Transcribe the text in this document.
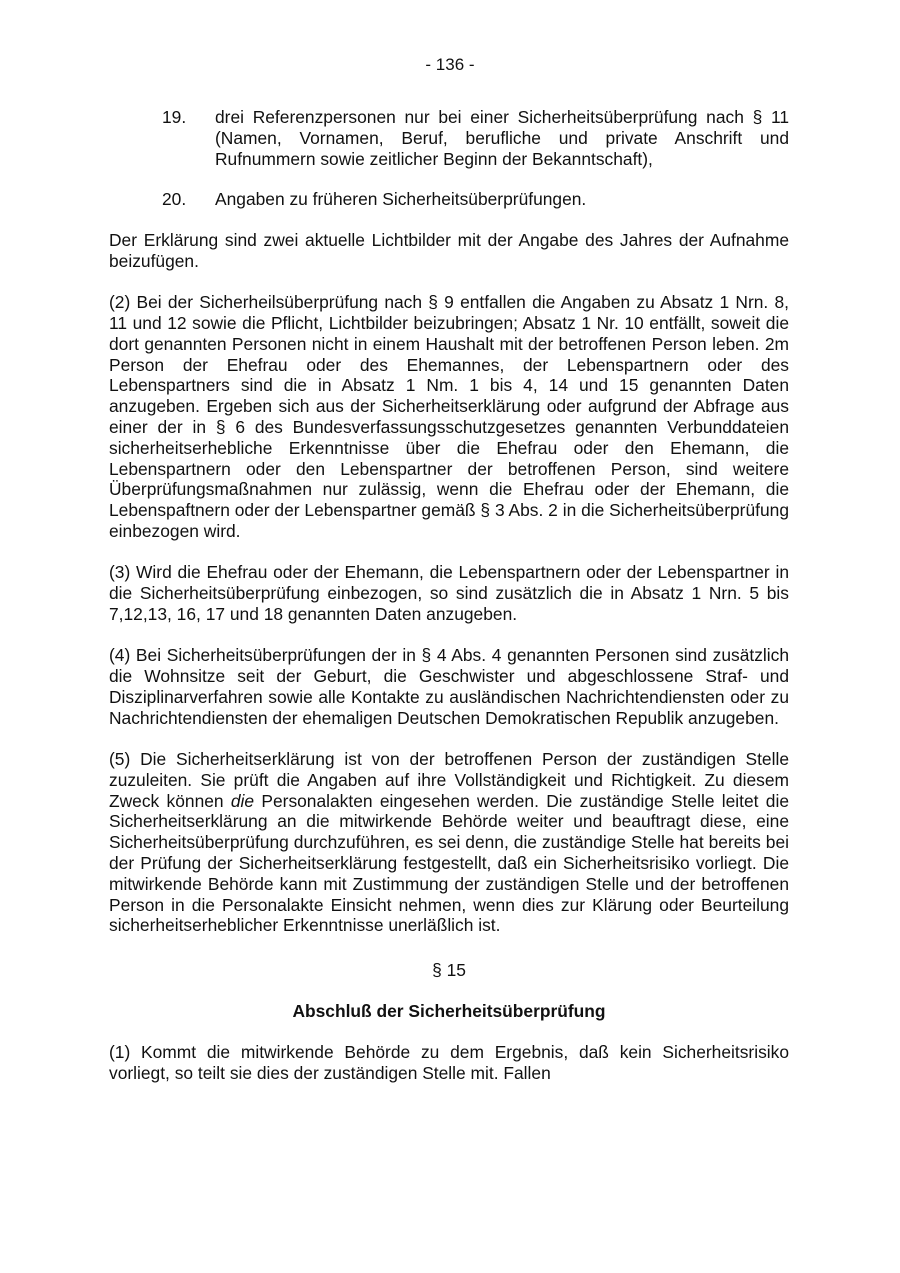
- 136 -
19.	drei Referenzpersonen nur bei einer Sicherheitsüberprüfung nach § 11 (Namen, Vornamen, Beruf, berufliche und private Anschrift und Rufnummern sowie zeitlicher Beginn der Bekanntschaft),
20.	Angaben zu früheren Sicherheitsüberprüfungen.

Der Erklärung sind zwei aktuelle Lichtbilder mit der Angabe des Jahres der Aufnahme beizufügen.

(2) Bei der Sicherheilsüberprüfung nach § 9 entfallen die Angaben zu Absatz 1 Nrn. 8, 11 und 12 sowie die Pflicht, Lichtbilder beizubringen; Absatz 1 Nr. 10 entfällt, soweit die dort genannten Personen nicht in einem Haushalt mit der betroffenen Person leben. 2m Person der Ehefrau oder des Ehemannes, der Lebenspartnern oder des Lebenspartners sind die in Absatz 1 Nm. 1 bis 4, 14 und 15 genannten Daten anzugeben. Ergeben sich aus der Sicherheitserklärung oder aufgrund der Abfrage aus einer der in § 6 des Bundesverfassungsschutzgesetzes genannten Verbunddateien sicherheitserhebliche Erkenntnisse über die Ehefrau oder den Ehemann, die Lebenspartnern oder den Lebenspartner der betroffenen Person, sind weitere Überprüfungsmaßnahmen nur zulässig, wenn die Ehefrau oder der Ehemann, die Lebenspaftnern oder der Lebenspartner gemäß § 3 Abs. 2 in die Sicherheitsüberprüfung einbezogen wird.

(3) Wird die Ehefrau oder der Ehemann, die Lebenspartnern oder der Lebenspartner in die Sicherheitsüberprüfung einbezogen, so sind zusätzlich die in Absatz 1 Nrn. 5 bis 7,12,13, 16, 17 und 18 genannten Daten anzugeben.

(4) Bei Sicherheitsüberprüfungen der in § 4 Abs. 4 genannten Personen sind zusätzlich die Wohnsitze seit der Geburt, die Geschwister und abgeschlossene Straf- und Disziplinarverfahren sowie alle Kontakte zu ausländischen Nachrichtendiensten oder zu Nachrichtendiensten der ehemaligen Deutschen Demokratischen Republik anzugeben.

(5) Die Sicherheitserklärung ist von der betroffenen Person der zuständigen Stelle zuzuleiten. Sie prüft die Angaben auf ihre Vollständigkeit und Richtigkeit. Zu diesem Zweck können die Personalakten eingesehen werden. Die zuständige Stelle leitet die Sicherheitserklärung an die mitwirkende Behörde weiter und beauftragt diese, eine Sicherheitsüberprüfung durchzuführen, es sei denn, die zuständige Stelle hat bereits bei der Prüfung der Sicherheitserklärung festgestellt, daß ein Sicherheitsrisiko vorliegt. Die mitwirkende Behörde kann mit Zustimmung der zuständigen Stelle und der betroffenen Person in die Personalakte Einsicht nehmen, wenn dies zur Klärung oder Beurteilung sicherheitserheblicher Erkenntnisse unerläßlich ist.

§ 15
Abschluß der Sicherheitsüberprüfung

(1) Kommt die mitwirkende Behörde zu dem Ergebnis, daß kein Sicherheitsrisiko vorliegt, so teilt sie dies der zuständigen Stelle mit. Fallen
